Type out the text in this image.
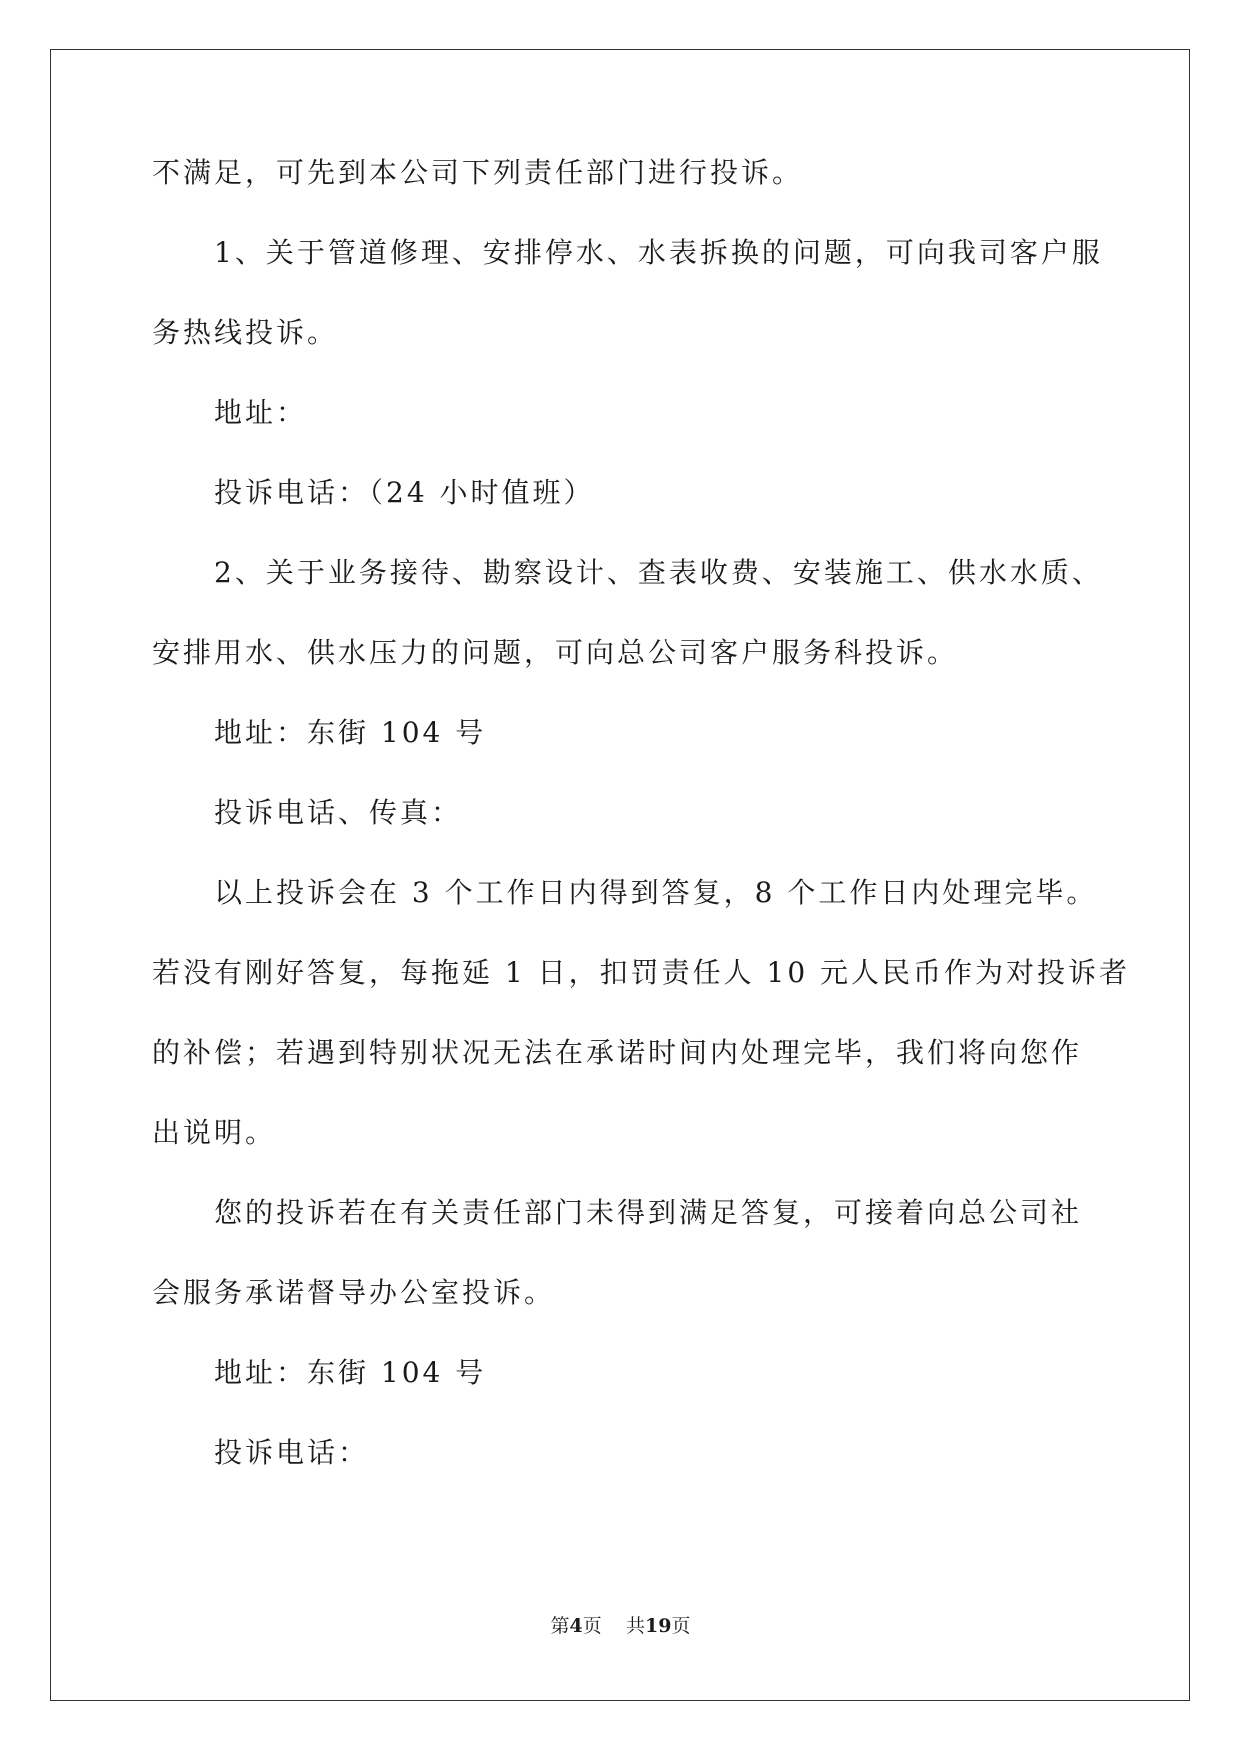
不满足，可先到本公司下列责任部门进行投诉。
1、关于管道修理、安排停水、水表拆换的问题，可向我司客户服
务热线投诉。
地址：
投诉电话：（24 小时值班）
2、关于业务接待、勘察设计、查表收费、安装施工、供水水质、
安排用水、供水压力的问题，可向总公司客户服务科投诉。
地址：东街 104 号
投诉电话、传真：
以上投诉会在 3 个工作日内得到答复，8 个工作日内处理完毕。
若没有刚好答复，每拖延 1 日，扣罚责任人 10 元人民币作为对投诉者
的补偿；若遇到特别状况无法在承诺时间内处理完毕，我们将向您作
出说明。
您的投诉若在有关责任部门未得到满足答复，可接着向总公司社
会服务承诺督导办公室投诉。
地址：东街 104 号
投诉电话：
第4页 共19页
